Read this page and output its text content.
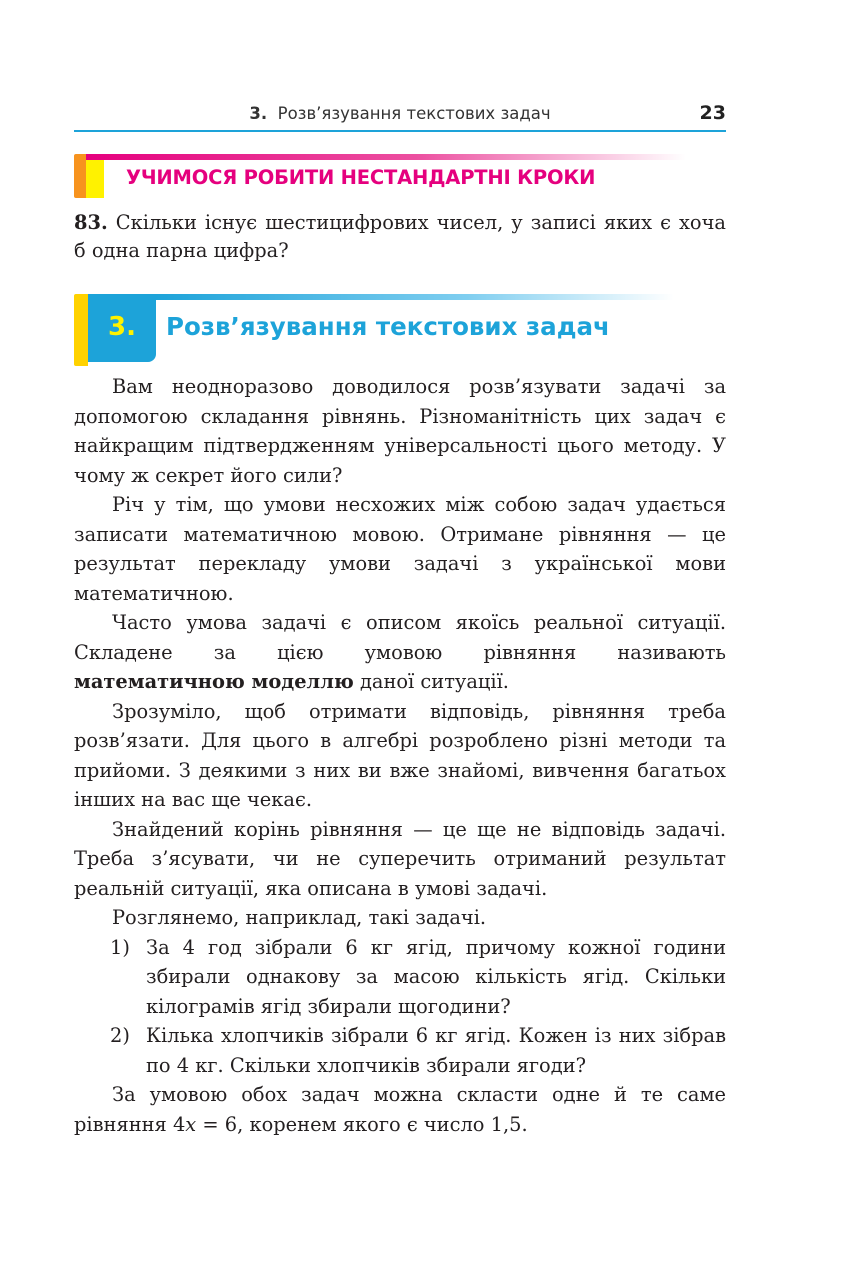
3. Розв’язування текстових задач	23
УЧИМОСЯ РОБИТИ НЕСТАНДАРТНІ КРОКИ
83. Скільки існує шестицифрових чисел, у записі яких є хоча б одна парна цифра?
3.	Розв’язування текстових задач

Вам неодноразово доводилося розв’язувати задачі за допомогою складання рівнянь. Різноманітність цих задач є найкращим підтвердженням універсальності цього методу. У чому ж секрет його сили?

Річ у тім, що умови несхожих між собою задач удається записати математичною мовою. Отримане рівняння — це результат перекладу умови задачі з української мови математичною.

Часто умова задачі є описом якоїсь реальної ситуації. Складене за цією умовою рівняння називають математичною моделлю даної ситуації.

Зрозуміло, щоб отримати відповідь, рівняння треба розв’язати. Для цього в алгебрі розроблено різні методи та прийоми. З деякими з них ви вже знайомі, вивчення багатьох інших на вас ще чекає.

Знайдений корінь рівняння — це ще не відповідь задачі. Треба з’ясувати, чи не суперечить отриманий результат реальній ситуації, яка описана в умові задачі.

Розглянемо, наприклад, такі задачі.

1) За 4 год зібрали 6 кг ягід, причому кожної години збирали однакову за масою кількість ягід. Скільки кілограмів ягід збирали щогодини?
2) Кілька хлопчиків зібрали 6 кг ягід. Кожен із них зібрав по 4 кг. Скільки хлопчиків збирали ягоди?

За умовою обох задач можна скласти одне й те саме рівняння 4x = 6, коренем якого є число 1,5.
